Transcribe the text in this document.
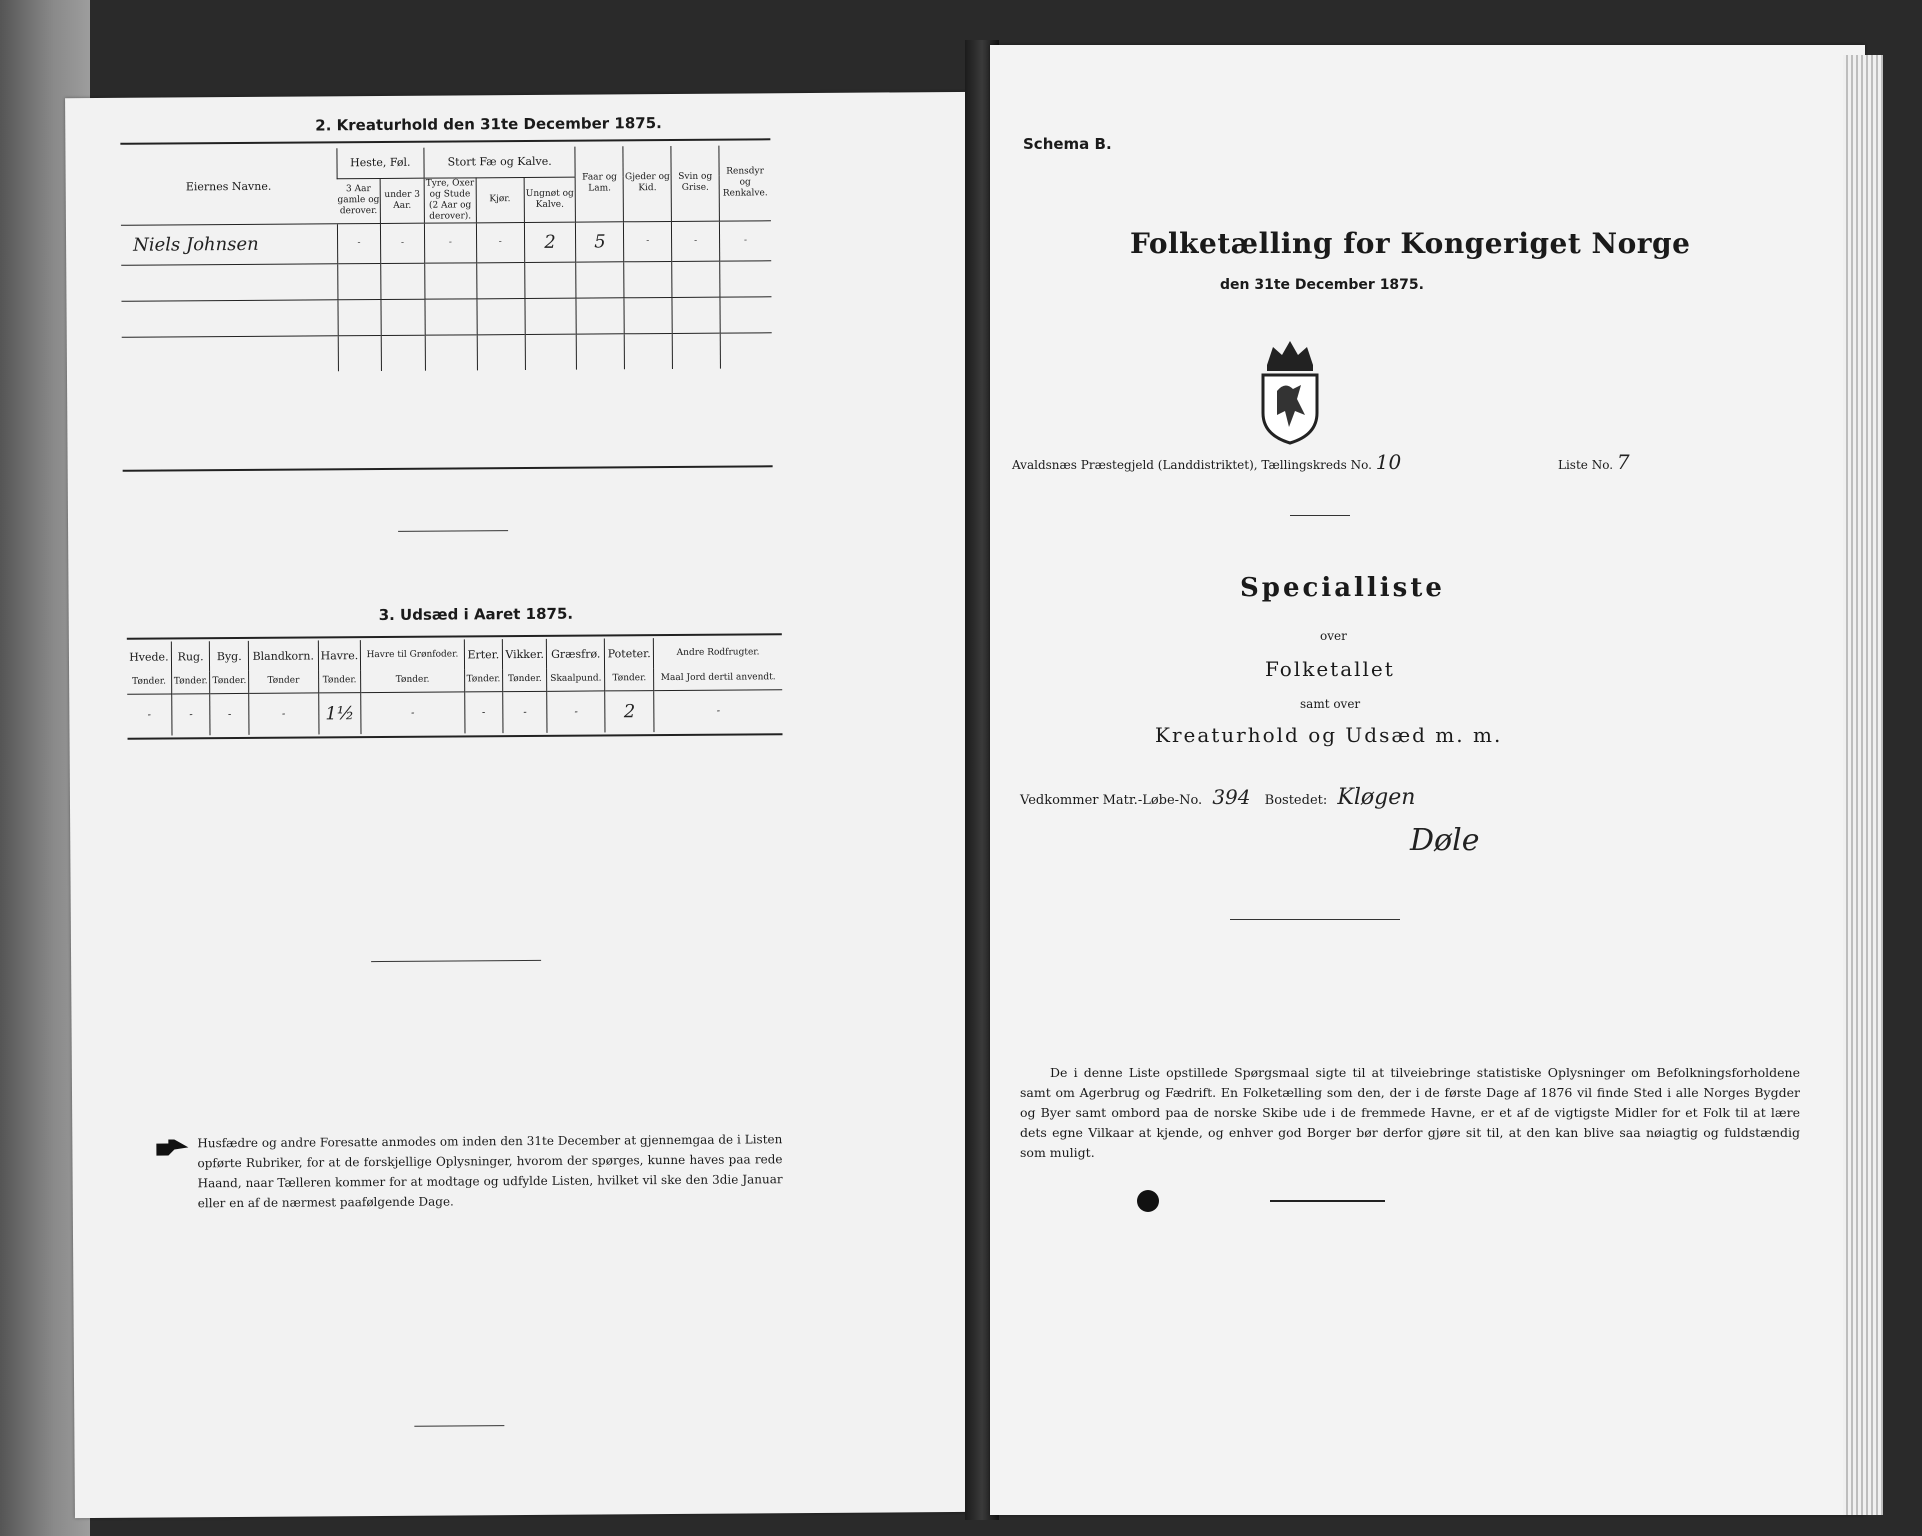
2. Kreaturhold den 31te December 1875.
Eiernes Navne.	Heste, Føl.		Stort Fæ og Kalve.			Faar og Lam.	Gjeder og Kid.	Svin og Grise.	Rensdyr og Renkalve.
	3 Aar gamle og derover.	under 3 Aar.	Tyre, Oxer og Stude (2 Aar og derover).	Kjør.	Ungnøt og Kalve.				
Niels Johnsen	-	-	-	-	2	5	-	-	-

3. Udsæd i Aaret 1875.
Hvede.	Rug.	Byg.	Blandkorn.	Havre.	Havre til Grønfoder.	Erter.	Vikker.	Græsfrø.	Poteter.	Andre Rodfrugter.
Tønder.	Tønder.	Tønder.	Tønder	Tønder.	Tønder.	Tønder.	Tønder.	Skaalpund.	Tønder.	Maal Jord dertil anvendt.
-	-	-	-	1½	-	-	-	-	2	-
Husfædre og andre Foresatte anmodes om inden den 31te December at gjennemgaa de i Listen opførte Rubriker, for at de forskjellige Oplysninger, hvorom der spørges, kunne haves paa rede Haand, naar Tælleren kommer for at modtage og udfylde Listen, hvilket vil ske den 3die Januar eller en af de nærmest paafølgende Dage.
Schema B.
Folketælling for Kongeriget Norge
den 31te December 1875.
Avaldsnæs Præstegjeld (Landdistriktet), Tællingskreds No. 10	Liste No. 7
Specialliste
over
Folketallet
samt over
Kreaturhold og Udsæd m. m.
Vedkommer Matr.-Løbe-No. 394 Bostedet: Kløgen
Døle
De i denne Liste opstillede Spørgsmaal sigte til at tilveiebringe statistiske Oplysninger om Befolkningsforholdene samt om Agerbrug og Fædrift. En Folketælling som den, der i de første Dage af 1876 vil finde Sted i alle Norges Bygder og Byer samt ombord paa de norske Skibe ude i de fremmede Havne, er et af de vigtigste Midler for et Folk til at lære dets egne Vilkaar at kjende, og enhver god Borger bør derfor gjøre sit til, at den kan blive saa nøiagtig og fuldstændig som muligt.
